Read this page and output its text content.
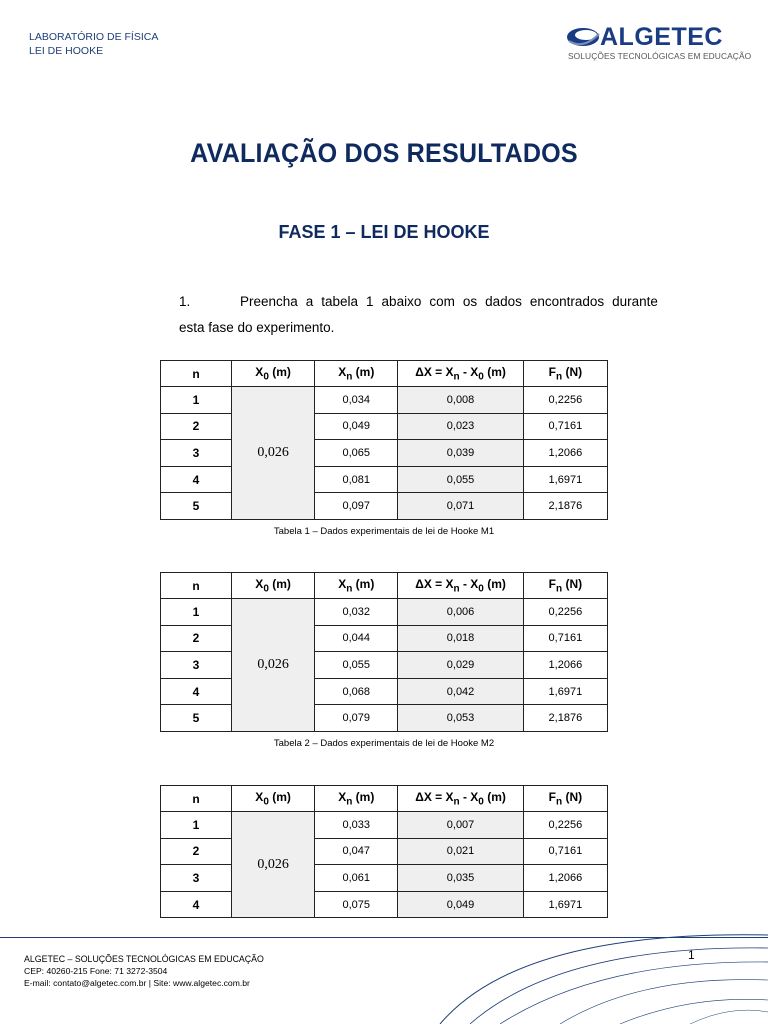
LABORATÓRIO DE FÍSICA
LEI DE HOOKE	ALGETEC
SOLUÇÕES TECNOLÓGICAS EM EDUCAÇÃO
AVALIAÇÃO DOS RESULTADOS
FASE 1 – LEI DE HOOKE
1.	Preencha a tabela 1 abaixo com os dados encontrados durante
esta fase do experimento.
n	$X_0$ (m)	$X_n$ (m)	$\Delta X = X_n - X_0$ (m)	$F_n$ (N)
1	0,026	0,034	0,008	0,2256
2		0,049	0,023	0,7161
3		0,065	0,039	1,2066
4		0,081	0,055	1,6971
5		0,097	0,071	2,1876
Tabela 1 – Dados experimentais de lei de Hooke M1
n	$X_0$ (m)	$X_n$ (m)	$\Delta X = X_n - X_0$ (m)	$F_n$ (N)
1	0,026	0,032	0,006	0,2256
2		0,044	0,018	0,7161
3		0,055	0,029	1,2066
4		0,068	0,042	1,6971
5		0,079	0,053	2,1876
Tabela 2 – Dados experimentais de lei de Hooke M2
n	$X_0$ (m)	$X_n$ (m)	$\Delta X = X_n - X_0$ (m)	$F_n$ (N)
1	0,026	0,033	0,007	0,2256
2		0,047	0,021	0,7161
3		0,061	0,035	1,2066
4		0,075	0,049	1,6971
ALGETEC – SOLUÇÕES TECNOLÓGICAS EM EDUCAÇÃO
CEP: 40260-215 Fone: 71 3272-3504
E-mail: contato@algetec.com.br | Site: www.algetec.com.br
1
